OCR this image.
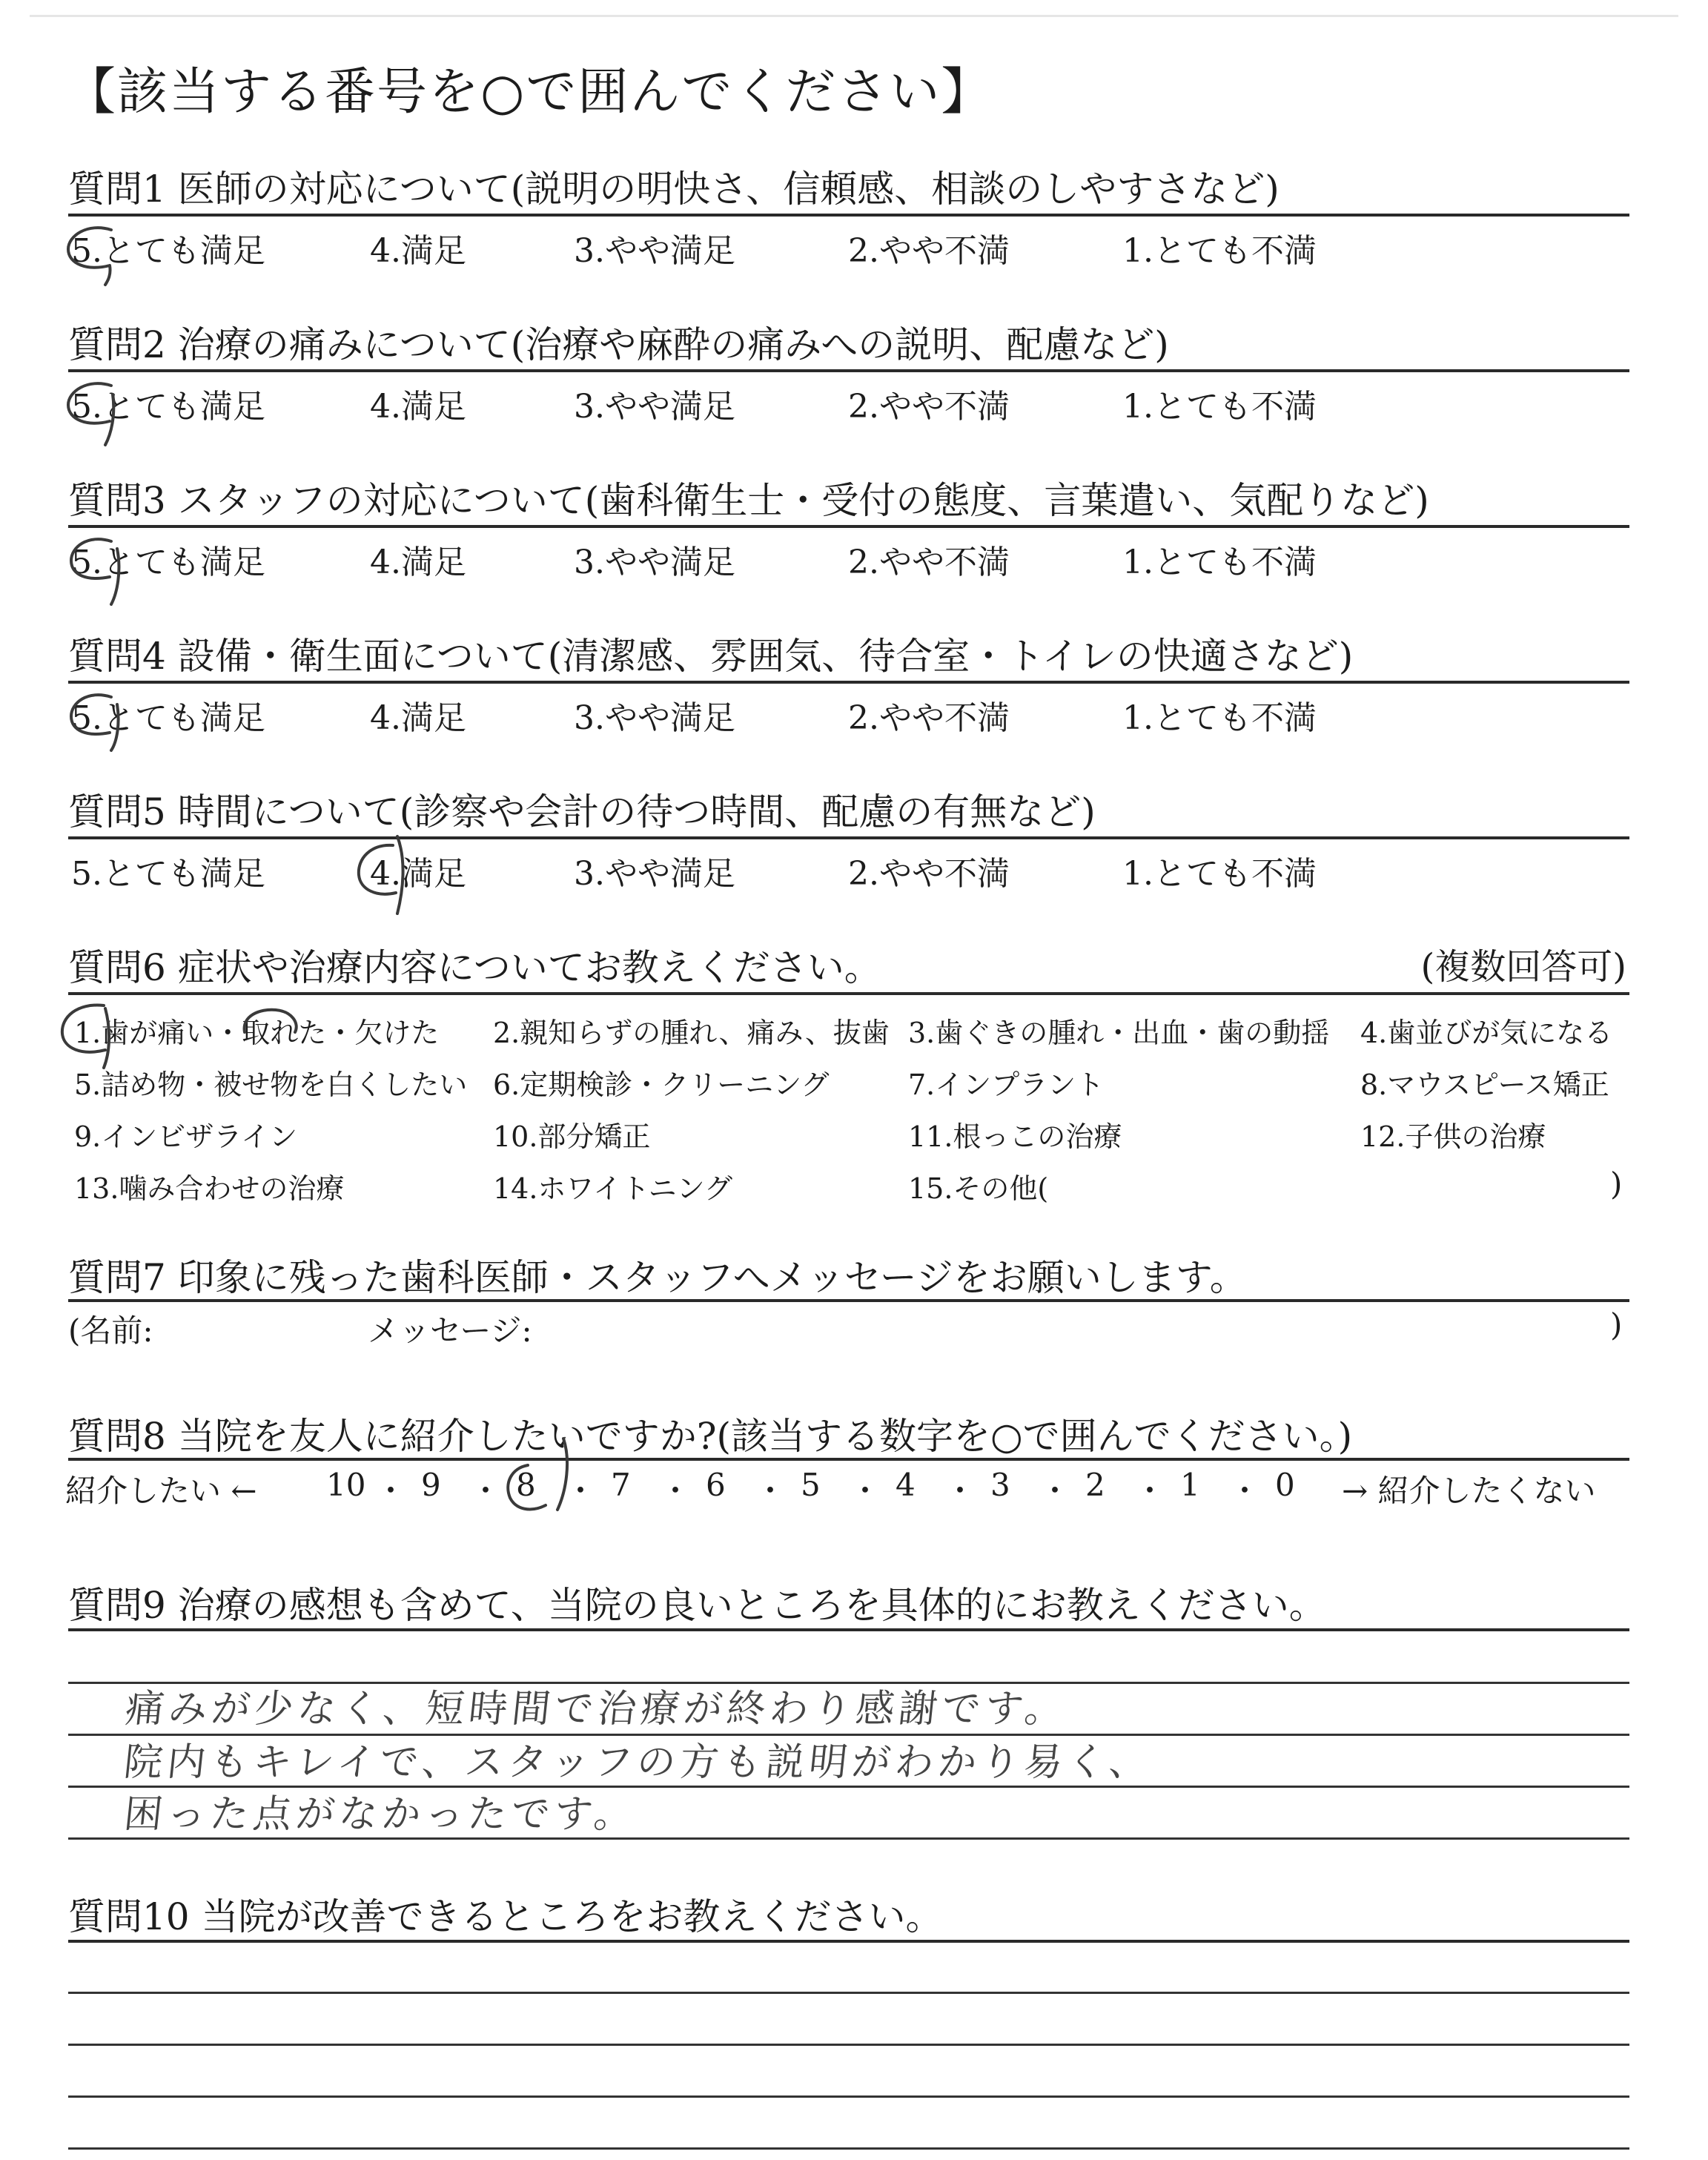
【該当する番号を○で囲んでください】
質問1 医師の対応について(説明の明快さ、信頼感、相談のしやすさなど)
5.とても満足	4.満足	3.やや満足	2.やや不満	1.とても不満
質問2 治療の痛みについて(治療や麻酔の痛みへの説明、配慮など)
5.とても満足	4.満足	3.やや満足	2.やや不満	1.とても不満
質問3 スタッフの対応について(歯科衛生士・受付の態度、言葉遣い、気配りなど)
5.とても満足	4.満足	3.やや満足	2.やや不満	1.とても不満
質問4 設備・衛生面について(清潔感、雰囲気、待合室・トイレの快適さなど)
5.とても満足	4.満足	3.やや満足	2.やや不満	1.とても不満
質問5 時間について(診察や会計の待つ時間、配慮の有無など)
5.とても満足	4.満足	3.やや満足	2.やや不満	1.とても不満
質問6 症状や治療内容についてお教えください。	(複数回答可)
1.歯が痛い・取れた・欠けた 2.親知らずの腫れ、痛み、抜歯 3.歯ぐきの腫れ・出血・歯の動揺 4.歯並びが気になる
5.詰め物・被せ物を白くしたい 6.定期検診・クリーニング	7.インプラント	8.マウスピース矯正
9.インビザライン	10.部分矯正	11.根っこの治療	12.子供の治療
13.噛み合わせの治療	14.ホワイトニング	15.その他(	)
質問7 印象に残った歯科医師・スタッフへメッセージをお願いします。
(名前:	メッセージ:	)
質問8 当院を友人に紹介したいですか?(該当する数字を○で囲んでください。)
紹介したい ← 10 ・ 9 ・ 8 ・ 7 ・ 6 ・ 5 ・ 4 ・ 3 ・ 2 ・ 1 ・ 0 → 紹介したくない
質問9 治療の感想も含めて、当院の良いところを具体的にお教えください。
痛みが少なく、短時間で治療が終わり感謝です。
院内もキレイで、スタッフの方も説明がわかり易く、
困った点がなかったです。
質問10 当院が改善できるところをお教えください。
